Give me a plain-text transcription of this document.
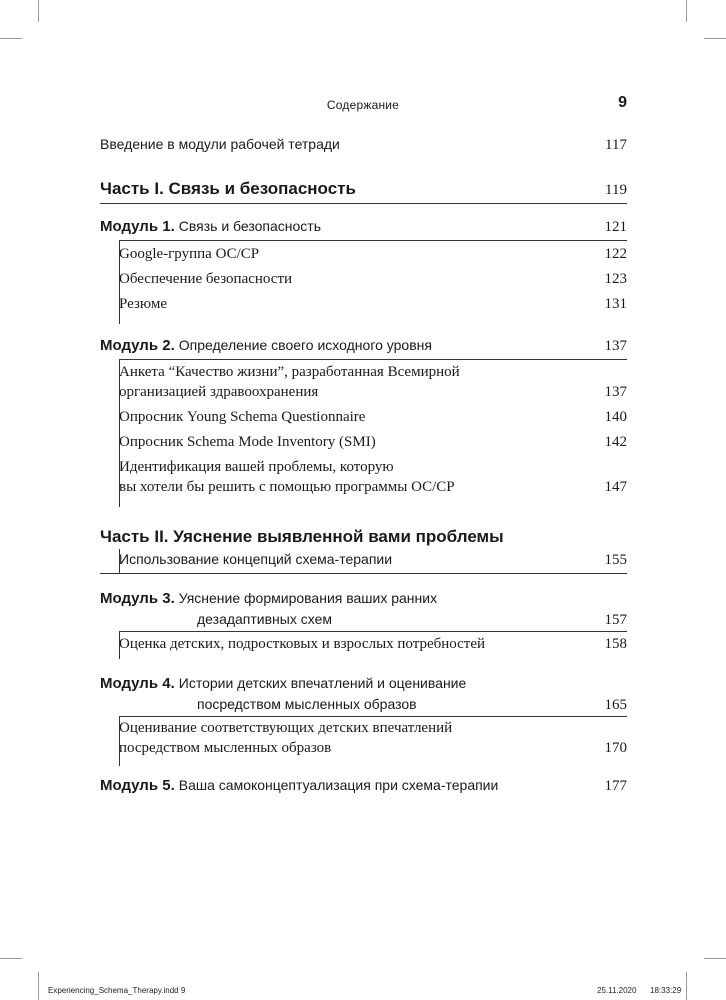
Содержание	9
Введение в модули рабочей тетради	117
Часть I. Связь и безопасность	119
Модуль 1. Связь и безопасность	121
Google-группа ОС/СР	122
Обеспечение безопасности	123
Резюме	131
Модуль 2. Определение своего исходного уровня	137
Анкета “Качество жизни”, разработанная Всемирной
организацией здравоохранения	137
Опросник Young Schema Questionnaire	140
Опросник Schema Mode Inventory (SMI)	142
Идентификация вашей проблемы, которую
вы хотели бы решить с помощью программы ОС/СР	147
Часть II. Уяснение выявленной вами проблемы
Использование концепций схема-терапии	155
Модуль 3. Уяснение формирования ваших ранних
дезадаптивных схем	157
Оценка детских, подростковых и взрослых потребностей	158
Модуль 4. Истории детских впечатлений и оценивание
посредством мысленных образов	165
Оценивание соответствующих детских впечатлений
посредством мысленных образов	170
Модуль 5. Ваша самоконцептуализация при схема-терапии	177
Experiencing_Schema_Therapy.indd 9	25.11.2020 18:33:29
